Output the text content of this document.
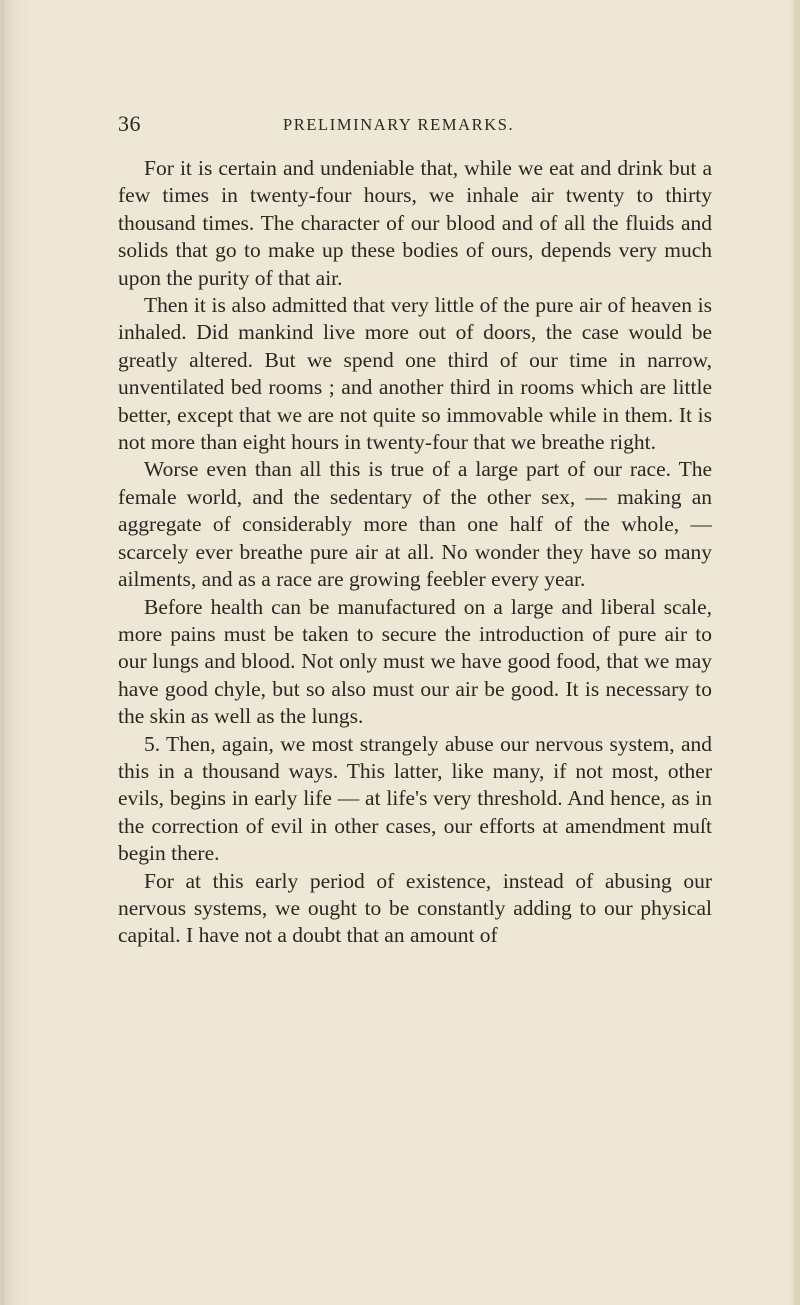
36	PRELIMINARY REMARKS.

For it is certain and undeniable that, while we eat and drink but a few times in twenty-four hours, we inhale air twenty to thirty thousand times. The character of our blood and of all the fluids and solids that go to make up these bodies of ours, depends very much upon the purity of that air.

Then it is also admitted that very little of the pure air of heaven is inhaled. Did mankind live more out of doors, the case would be greatly altered. But we spend one third of our time in narrow, unventilated bed rooms ; and another third in rooms which are little better, except that we are not quite so immovable while in them. It is not more than eight hours in twenty-four that we breathe right.

Worse even than all this is true of a large part of our race. The female world, and the sedentary of the other sex, — making an aggregate of considerably more than one half of the whole, — scarcely ever breathe pure air at all. No wonder they have so many ailments, and as a race are growing feebler every year.

Before health can be manufactured on a large and liberal scale, more pains must be taken to secure the introduction of pure air to our lungs and blood. Not only must we have good food, that we may have good chyle, but so also must our air be good. It is necessary to the skin as well as the lungs.

5. Then, again, we most strangely abuse our nervous system, and this in a thousand ways. This latter, like many, if not most, other evils, begins in early life — at life's very threshold. And hence, as in the correction of evil in other cases, our efforts at amendment muſt begin there.

For at this early period of existence, instead of abusing our nervous systems, we ought to be constantly adding to our physical capital. I have not a doubt that an amount of
